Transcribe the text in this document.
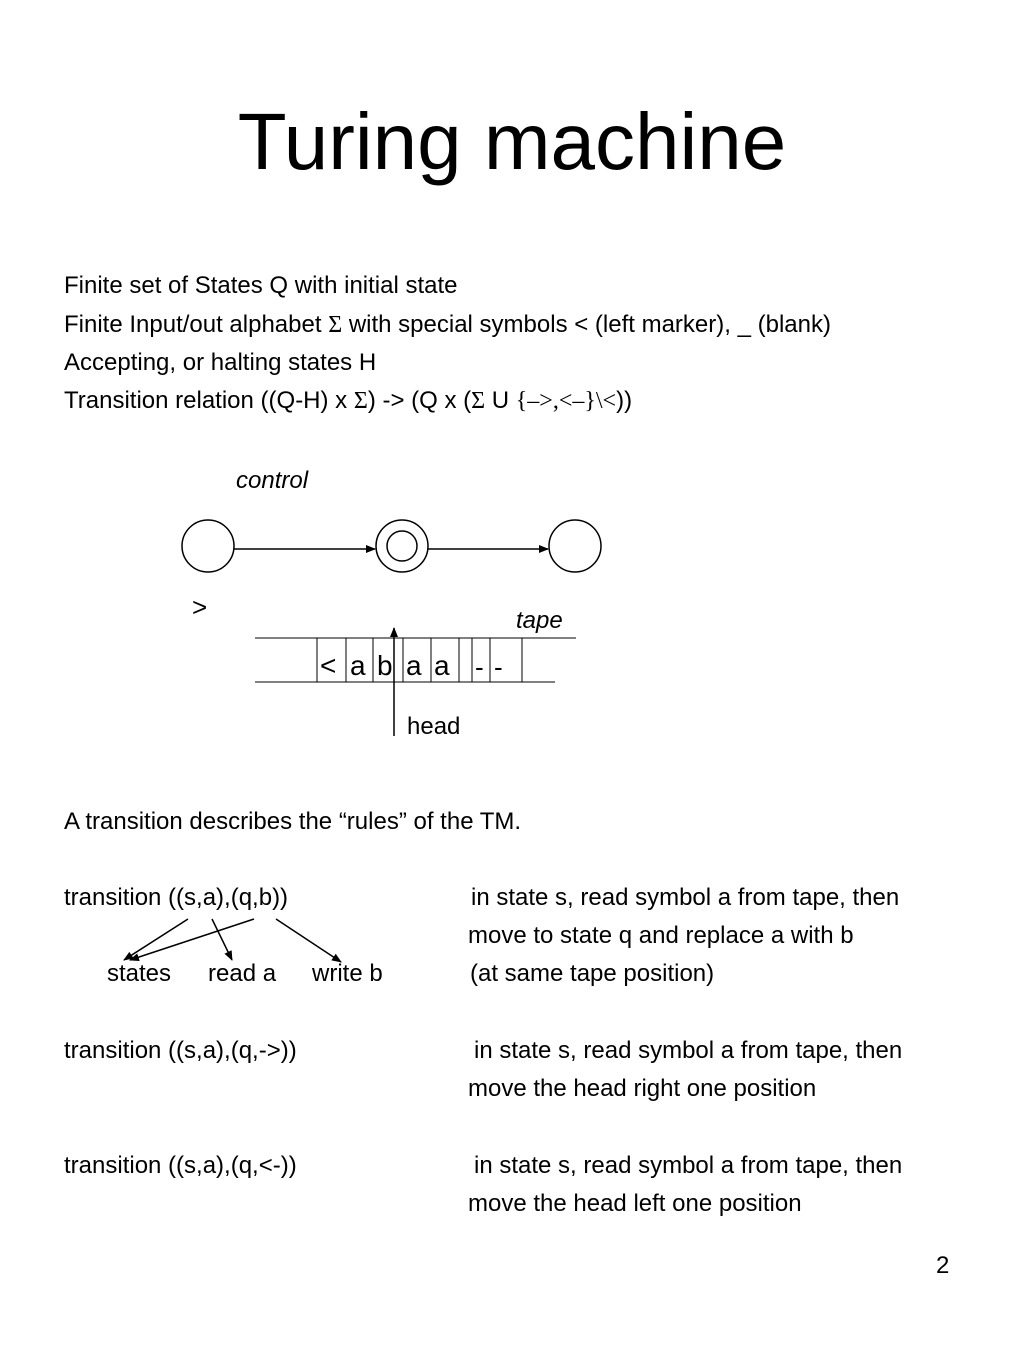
Turing machine
Finite set of States Q with initial state
Finite Input/out alphabet Σ with special symbols < (left marker), _ (blank)
Accepting, or halting states H
Transition relation ((Q-H) x Σ) -> (Q x (Σ U {–>,<–}\<))
control
>	tape
< a b a a - -
head
A transition describes the “rules” of the TM.
transition ((s,a),(q,b))	in state s, read symbol a from tape, then
move to state q and replace a with b
(at same tape position)
states read a write b
transition ((s,a),(q,->))	in state s, read symbol a from tape, then
move the head right one position
transition ((s,a),(q,<-))	in state s, read symbol a from tape, then
move the head left one position
2
